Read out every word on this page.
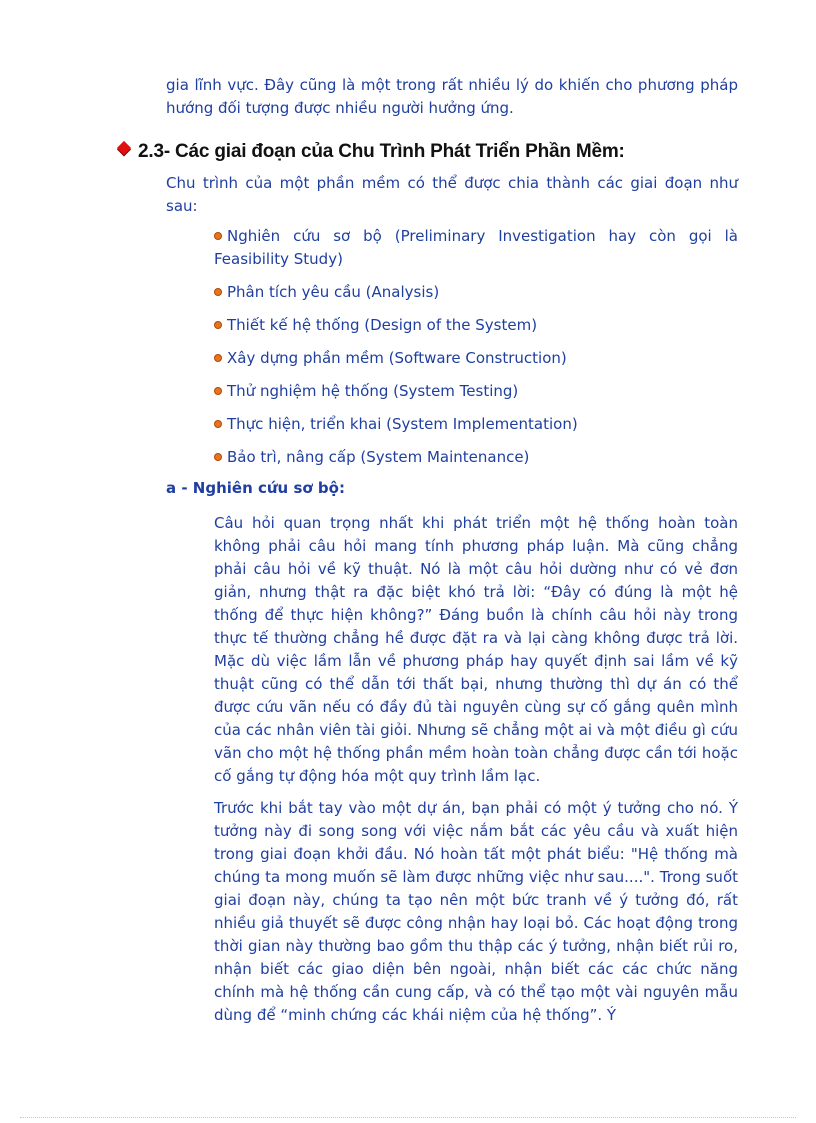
gia lĩnh vực. Đây cũng là một trong rất nhiều lý do khiến cho phương pháp hướng đối tượng được nhiều người hưởng ứng.

2.3- Các giai đoạn của Chu Trình Phát Triển Phần Mềm:

Chu trình của một phần mềm có thể được chia thành các giai đoạn như sau:

Nghiên cứu sơ bộ (Preliminary Investigation hay còn gọi là Feasibility Study)
Phân tích yêu cầu (Analysis)
Thiết kế hệ thống (Design of the System)
Xây dựng phần mềm (Software Construction)
Thử nghiệm hệ thống (System Testing)
Thực hiện, triển khai (System Implementation)
Bảo trì, nâng cấp (System Maintenance)
a - Nghiên cứu sơ bộ:

Câu hỏi quan trọng nhất khi phát triển một hệ thống hoàn toàn không phải câu hỏi mang tính phương pháp luận. Mà cũng chẳng phải câu hỏi về kỹ thuật. Nó là một câu hỏi dường như có vẻ đơn giản, nhưng thật ra đặc biệt khó trả lời: “Đây có đúng là một hệ thống để thực hiện không?” Đáng buồn là chính câu hỏi này trong thực tế thường chẳng hề được đặt ra và lại càng không được trả lời. Mặc dù việc lầm lẫn về phương pháp hay quyết định sai lầm về kỹ thuật cũng có thể dẫn tới thất bại, nhưng thường thì dự án có thể được cứu vãn nếu có đầy đủ tài nguyên cùng sự cố gắng quên mình của các nhân viên tài giỏi. Nhưng sẽ chẳng một ai và một điều gì cứu vãn cho một hệ thống phần mềm hoàn toàn chẳng được cần tới hoặc cố gắng tự động hóa một quy trình lầm lạc.

Trước khi bắt tay vào một dự án, bạn phải có một ý tưởng cho nó. Ý tưởng này đi song song với việc nắm bắt các yêu cầu và xuất hiện trong giai đoạn khởi đầu. Nó hoàn tất một phát biểu: "Hệ thống mà chúng ta mong muốn sẽ làm được những việc như sau....". Trong suốt giai đoạn này, chúng ta tạo nên một bức tranh về ý tưởng đó, rất nhiều giả thuyết sẽ được công nhận hay loại bỏ. Các hoạt động trong thời gian này thường bao gồm thu thập các ý tưởng, nhận biết rủi ro, nhận biết các giao diện bên ngoài, nhận biết các các chức năng chính mà hệ thống cần cung cấp, và có thể tạo một vài nguyên mẫu dùng để “minh chứng các khái niệm của hệ thống”. Ý
